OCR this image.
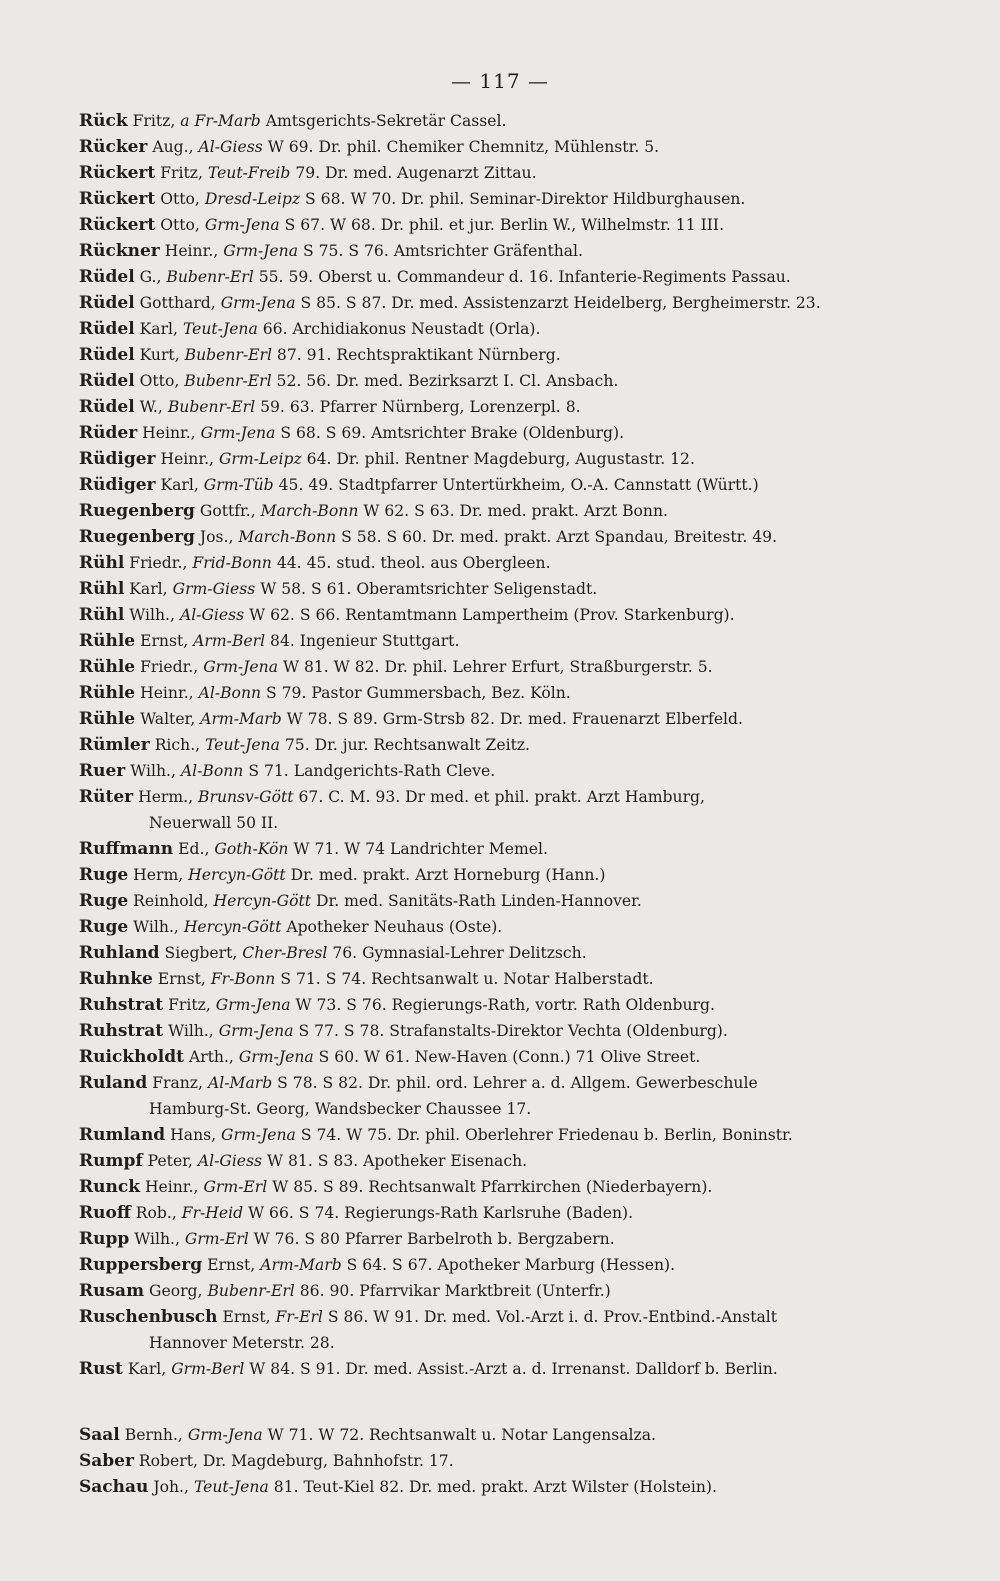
— 117 —
Rück Fritz, a Fr-Marb Amtsgerichts-Sekretär Cassel.
Rücker Aug., Al-Giess W 69. Dr. phil. Chemiker Chemnitz, Mühlenstr. 5.
Rückert Fritz, Teut-Freib 79. Dr. med. Augenarzt Zittau.
Rückert Otto, Dresd-Leipz S 68. W 70. Dr. phil. Seminar-Direktor Hildburghausen.
Rückert Otto, Grm-Jena S 67. W 68. Dr. phil. et jur. Berlin W., Wilhelmstr. 11 III.
Rückner Heinr., Grm-Jena S 75. S 76. Amtsrichter Gräfenthal.
Rüdel G., Bubenr-Erl 55. 59. Oberst u. Commandeur d. 16. Infanterie-Regiments Passau.
Rüdel Gotthard, Grm-Jena S 85. S 87. Dr. med. Assistenzarzt Heidelberg, Bergheimerstr. 23.
Rüdel Karl, Teut-Jena 66. Archidiakonus Neustadt (Orla).
Rüdel Kurt, Bubenr-Erl 87. 91. Rechtspraktikant Nürnberg.
Rüdel Otto, Bubenr-Erl 52. 56. Dr. med. Bezirksarzt I. Cl. Ansbach.
Rüdel W., Bubenr-Erl 59. 63. Pfarrer Nürnberg, Lorenzerpl. 8.
Rüder Heinr., Grm-Jena S 68. S 69. Amtsrichter Brake (Oldenburg).
Rüdiger Heinr., Grm-Leipz 64. Dr. phil. Rentner Magdeburg, Augustastr. 12.
Rüdiger Karl, Grm-Tüb 45. 49. Stadtpfarrer Untertürkheim, O.-A. Cannstatt (Württ.)
Ruegenberg Gottfr., March-Bonn W 62. S 63. Dr. med. prakt. Arzt Bonn.
Ruegenberg Jos., March-Bonn S 58. S 60. Dr. med. prakt. Arzt Spandau, Breitestr. 49.
Rühl Friedr., Frid-Bonn 44. 45. stud. theol. aus Obergleen.
Rühl Karl, Grm-Giess W 58. S 61. Oberamtsrichter Seligenstadt.
Rühl Wilh., Al-Giess W 62. S 66. Rentamtmann Lampertheim (Prov. Starkenburg).
Rühle Ernst, Arm-Berl 84. Ingenieur Stuttgart.
Rühle Friedr., Grm-Jena W 81. W 82. Dr. phil. Lehrer Erfurt, Straßburgerstr. 5.
Rühle Heinr., Al-Bonn S 79. Pastor Gummersbach, Bez. Köln.
Rühle Walter, Arm-Marb W 78. S 89. Grm-Strsb 82. Dr. med. Frauenarzt Elberfeld.
Rümler Rich., Teut-Jena 75. Dr. jur. Rechtsanwalt Zeitz.
Ruer Wilh., Al-Bonn S 71. Landgerichts-Rath Cleve.
Rüter Herm., Brunsv-Gött 67. C. M. 93. Dr med. et phil. prakt. Arzt Hamburg,
Neuerwall 50 II.
Ruffmann Ed., Goth-Kön W 71. W 74 Landrichter Memel.
Ruge Herm, Hercyn-Gött Dr. med. prakt. Arzt Horneburg (Hann.)
Ruge Reinhold, Hercyn-Gött Dr. med. Sanitäts-Rath Linden-Hannover.
Ruge Wilh., Hercyn-Gött Apotheker Neuhaus (Oste).
Ruhland Siegbert, Cher-Bresl 76. Gymnasial-Lehrer Delitzsch.
Ruhnke Ernst, Fr-Bonn S 71. S 74. Rechtsanwalt u. Notar Halberstadt.
Ruhstrat Fritz, Grm-Jena W 73. S 76. Regierungs-Rath, vortr. Rath Oldenburg.
Ruhstrat Wilh., Grm-Jena S 77. S 78. Strafanstalts-Direktor Vechta (Oldenburg).
Ruickholdt Arth., Grm-Jena S 60. W 61. New-Haven (Conn.) 71 Olive Street.
Ruland Franz, Al-Marb S 78. S 82. Dr. phil. ord. Lehrer a. d. Allgem. Gewerbeschule
Hamburg-St. Georg, Wandsbecker Chaussee 17.
Rumland Hans, Grm-Jena S 74. W 75. Dr. phil. Oberlehrer Friedenau b. Berlin, Boninstr.
Rumpf Peter, Al-Giess W 81. S 83. Apotheker Eisenach.
Runck Heinr., Grm-Erl W 85. S 89. Rechtsanwalt Pfarrkirchen (Niederbayern).
Ruoff Rob., Fr-Heid W 66. S 74. Regierungs-Rath Karlsruhe (Baden).
Rupp Wilh., Grm-Erl W 76. S 80 Pfarrer Barbelroth b. Bergzabern.
Ruppersberg Ernst, Arm-Marb S 64. S 67. Apotheker Marburg (Hessen).
Rusam Georg, Bubenr-Erl 86. 90. Pfarrvikar Marktbreit (Unterfr.)
Ruschenbusch Ernst, Fr-Erl S 86. W 91. Dr. med. Vol.-Arzt i. d. Prov.-Entbind.-Anstalt
Hannover Meterstr. 28.
Rust Karl, Grm-Berl W 84. S 91. Dr. med. Assist.-Arzt a. d. Irrenanst. Dalldorf b. Berlin.
Saal Bernh., Grm-Jena W 71. W 72. Rechtsanwalt u. Notar Langensalza.
Saber Robert, Dr. Magdeburg, Bahnhofstr. 17.
Sachau Joh., Teut-Jena 81. Teut-Kiel 82. Dr. med. prakt. Arzt Wilster (Holstein).
